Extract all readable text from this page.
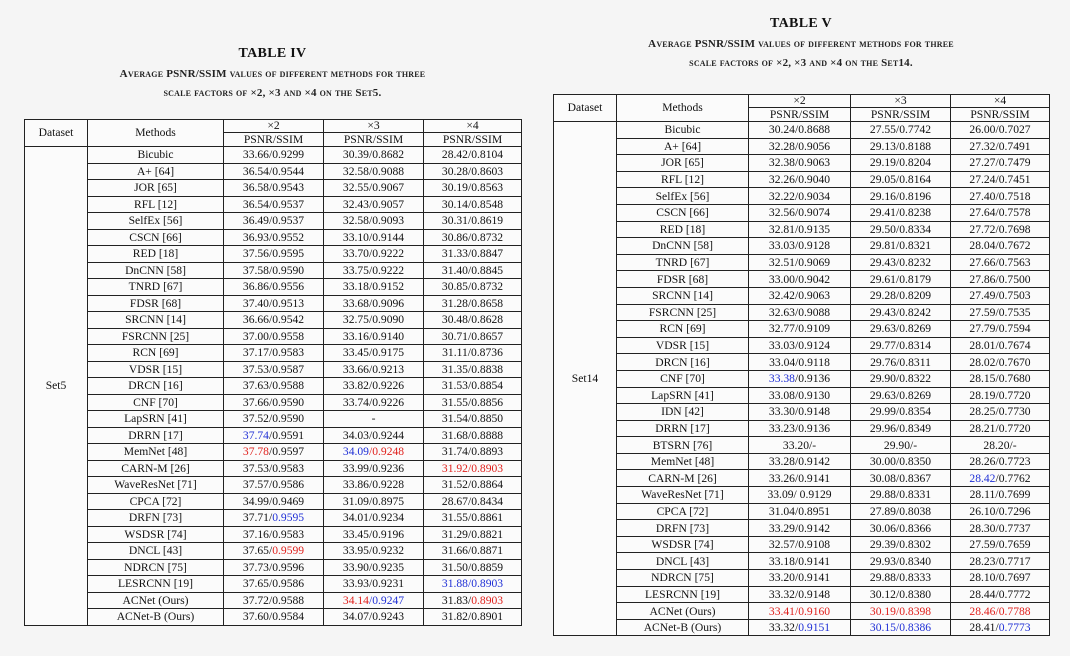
TABLE IV
Average PSNR/SSIM values of different methods for three
scale factors of ×2, ×3 and ×4 on the Set5.
Dataset	Methods	×2	×3	×4
		PSNR/SSIM	PSNR/SSIM	PSNR/SSIM
Set5	Bicubic	33.66/0.9299	30.39/0.8682	28.42/0.8104
	A+ [64]	36.54/0.9544	32.58/0.9088	30.28/0.8603
	JOR [65]	36.58/0.9543	32.55/0.9067	30.19/0.8563
	RFL [12]	36.54/0.9537	32.43/0.9057	30.14/0.8548
	SelfEx [56]	36.49/0.9537	32.58/0.9093	30.31/0.8619
	CSCN [66]	36.93/0.9552	33.10/0.9144	30.86/0.8732
	RED [18]	37.56/0.9595	33.70/0.9222	31.33/0.8847
	DnCNN [58]	37.58/0.9590	33.75/0.9222	31.40/0.8845
	TNRD [67]	36.86/0.9556	33.18/0.9152	30.85/0.8732
	FDSR [68]	37.40/0.9513	33.68/0.9096	31.28/0.8658
	SRCNN [14]	36.66/0.9542	32.75/0.9090	30.48/0.8628
	FSRCNN [25]	37.00/0.9558	33.16/0.9140	30.71/0.8657
	RCN [69]	37.17/0.9583	33.45/0.9175	31.11/0.8736
	VDSR [15]	37.53/0.9587	33.66/0.9213	31.35/0.8838
	DRCN [16]	37.63/0.9588	33.82/0.9226	31.53/0.8854
	CNF [70]	37.66/0.9590	33.74/0.9226	31.55/0.8856
	LapSRN [41]	37.52/0.9590	-	31.54/0.8850
	DRRN [17]	37.74/0.9591	34.03/0.9244	31.68/0.8888
	MemNet [48]	37.78/0.9597	34.09/0.9248	31.74/0.8893
	CARN-M [26]	37.53/0.9583	33.99/0.9236	31.92/0.8903
	WaveResNet [71]	37.57/0.9586	33.86/0.9228	31.52/0.8864
	CPCA [72]	34.99/0.9469	31.09/0.8975	28.67/0.8434
	DRFN [73]	37.71/0.9595	34.01/0.9234	31.55/0.8861
	WSDSR [74]	37.16/0.9583	33.45/0.9196	31.29/0.8821
	DNCL [43]	37.65/0.9599	33.95/0.9232	31.66/0.8871
	NDRCN [75]	37.73/0.9596	33.90/0.9235	31.50/0.8859
	LESRCNN [19]	37.65/0.9586	33.93/0.9231	31.88/0.8903
	ACNet (Ours)	37.72/0.9588	34.14/0.9247	31.83/0.8903
	ACNet-B (Ours)	37.60/0.9584	34.07/0.9243	31.82/0.8901
TABLE V
Average PSNR/SSIM values of different methods for three
scale factors of ×2, ×3 and ×4 on the Set14.
Dataset	Methods	×2	×3	×4
		PSNR/SSIM	PSNR/SSIM	PSNR/SSIM
Set14	Bicubic	30.24/0.8688	27.55/0.7742	26.00/0.7027
	A+ [64]	32.28/0.9056	29.13/0.8188	27.32/0.7491
	JOR [65]	32.38/0.9063	29.19/0.8204	27.27/0.7479
	RFL [12]	32.26/0.9040	29.05/0.8164	27.24/0.7451
	SelfEx [56]	32.22/0.9034	29.16/0.8196	27.40/0.7518
	CSCN [66]	32.56/0.9074	29.41/0.8238	27.64/0.7578
	RED [18]	32.81/0.9135	29.50/0.8334	27.72/0.7698
	DnCNN [58]	33.03/0.9128	29.81/0.8321	28.04/0.7672
	TNRD [67]	32.51/0.9069	29.43/0.8232	27.66/0.7563
	FDSR [68]	33.00/0.9042	29.61/0.8179	27.86/0.7500
	SRCNN [14]	32.42/0.9063	29.28/0.8209	27.49/0.7503
	FSRCNN [25]	32.63/0.9088	29.43/0.8242	27.59/0.7535
	RCN [69]	32.77/0.9109	29.63/0.8269	27.79/0.7594
	VDSR [15]	33.03/0.9124	29.77/0.8314	28.01/0.7674
	DRCN [16]	33.04/0.9118	29.76/0.8311	28.02/0.7670
	CNF [70]	33.38/0.9136	29.90/0.8322	28.15/0.7680
	LapSRN [41]	33.08/0.9130	29.63/0.8269	28.19/0.7720
	IDN [42]	33.30/0.9148	29.99/0.8354	28.25/0.7730
	DRRN [17]	33.23/0.9136	29.96/0.8349	28.21/0.7720
	BTSRN [76]	33.20/-	29.90/-	28.20/-
	MemNet [48]	33.28/0.9142	30.00/0.8350	28.26/0.7723
	CARN-M [26]	33.26/0.9141	30.08/0.8367	28.42/0.7762
	WaveResNet [71]	33.09/ 0.9129	29.88/0.8331	28.11/0.7699
	CPCA [72]	31.04/0.8951	27.89/0.8038	26.10/0.7296
	DRFN [73]	33.29/0.9142	30.06/0.8366	28.30/0.7737
	WSDSR [74]	32.57/0.9108	29.39/0.8302	27.59/0.7659
	DNCL [43]	33.18/0.9141	29.93/0.8340	28.23/0.7717
	NDRCN [75]	33.20/0.9141	29.88/0.8333	28.10/0.7697
	LESRCNN [19]	33.32/0.9148	30.12/0.8380	28.44/0.7772
	ACNet (Ours)	33.41/0.9160	30.19/0.8398	28.46/0.7788
	ACNet-B (Ours)	33.32/0.9151	30.15/0.8386	28.41/0.7773
